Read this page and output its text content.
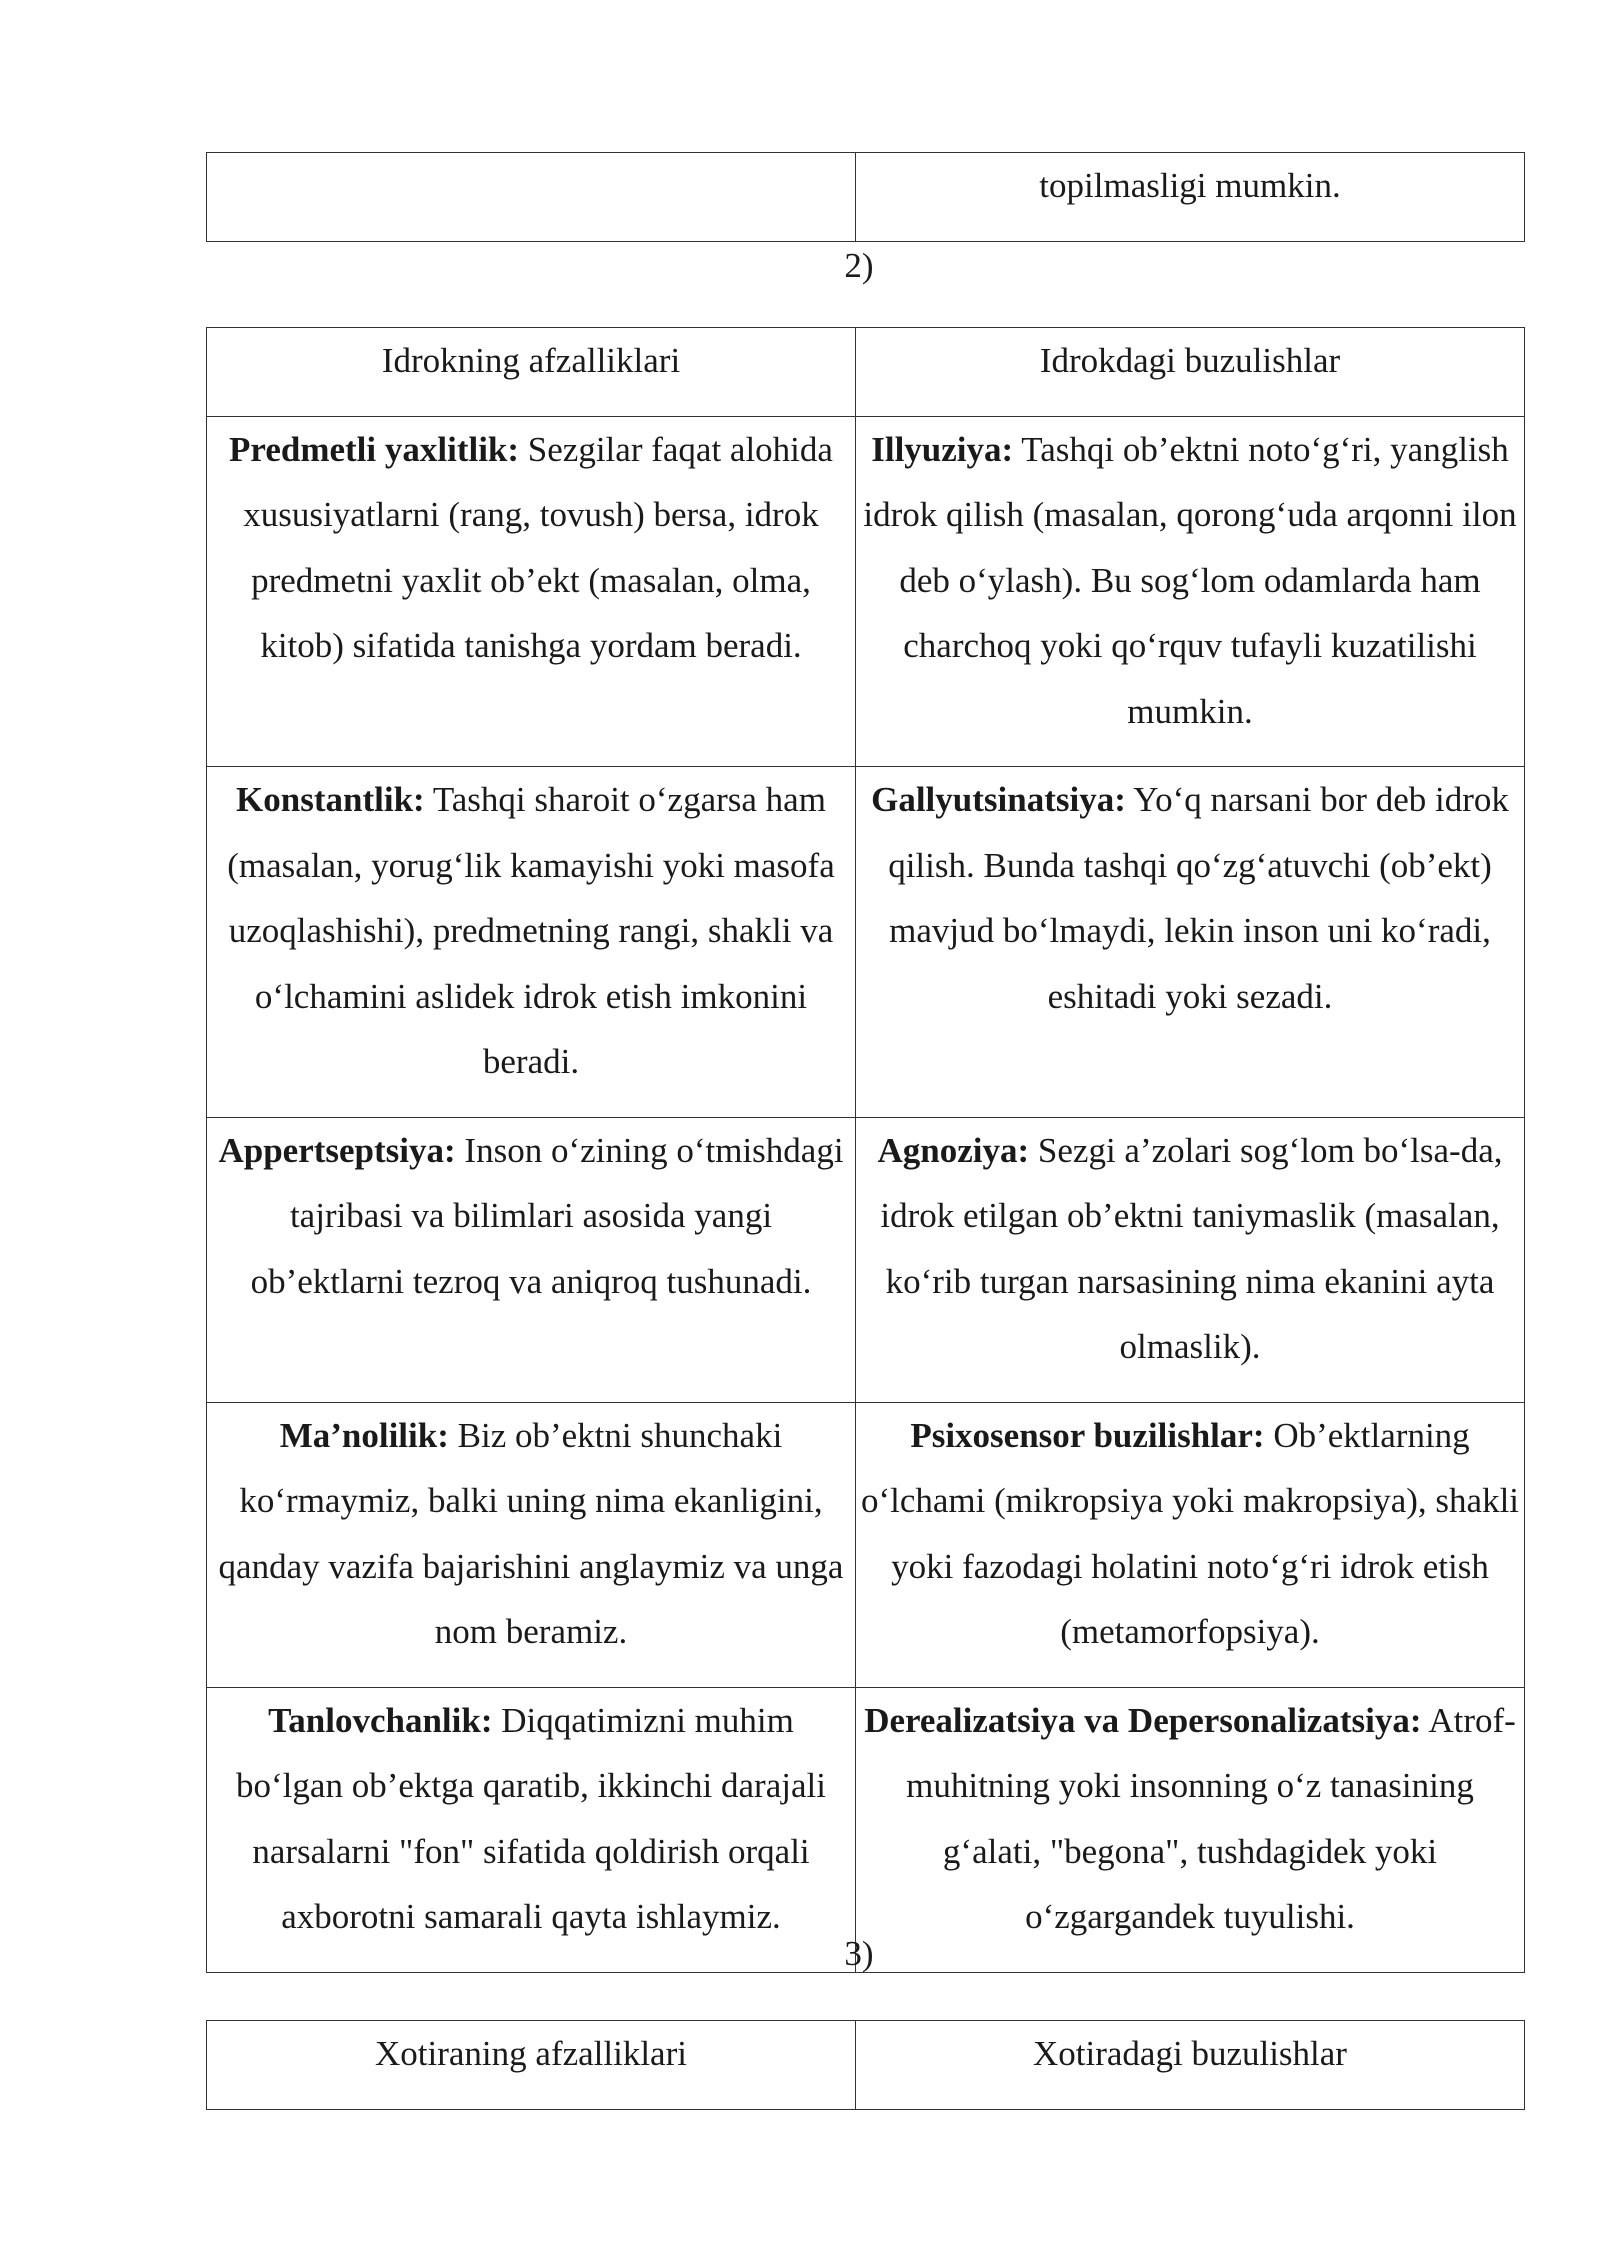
	topilmasligi mumkin.
2)
Idrokning afzalliklari	Idrokdagi buzulishlar
Predmetli yaxlitlik: Sezgilar faqat alohida xususiyatlarni (rang, tovush) bersa, idrok predmetni yaxlit ob’ekt (masalan, olma, kitob) sifatida tanishga yordam beradi.	Illyuziya: Tashqi ob’ektni noto‘g‘ri, yanglish idrok qilish (masalan, qorong‘uda arqonni ilon deb o‘ylash). Bu sog‘lom odamlarda ham charchoq yoki qo‘rquv tufayli kuzatilishi mumkin.
Konstantlik: Tashqi sharoit o‘zgarsa ham (masalan, yorug‘lik kamayishi yoki masofa uzoqlashishi), predmetning rangi, shakli va o‘lchamini aslidek idrok etish imkonini beradi.	Gallyutsinatsiya: Yo‘q narsani bor deb idrok qilish. Bunda tashqi qo‘zg‘atuvchi (ob’ekt) mavjud bo‘lmaydi, lekin inson uni ko‘radi, eshitadi yoki sezadi.
Appertseptsiya: Inson o‘zining o‘tmishdagi tajribasi va bilimlari asosida yangi ob’ektlarni tezroq va aniqroq tushunadi.	Agnoziya: Sezgi a’zolari sog‘lom bo‘lsa-da, idrok etilgan ob’ektni taniymaslik (masalan, ko‘rib turgan narsasining nima ekanini ayta olmaslik).
Ma’nolilik: Biz ob’ektni shunchaki ko‘rmaymiz, balki uning nima ekanligini, qanday vazifa bajarishini anglaymiz va unga nom beramiz.	Psixosensor buzilishlar: Ob’ektlarning o‘lchami (mikropsiya yoki makropsiya), shakli yoki fazodagi holatini noto‘g‘ri idrok etish (metamorfopsiya).
Tanlovchanlik: Diqqatimizni muhim bo‘lgan ob’ektga qaratib, ikkinchi darajali narsalarni "fon" sifatida qoldirish orqali axborotni samarali qayta ishlaymiz.	Derealizatsiya va Depersonalizatsiya: Atrof-muhitning yoki insonning o‘z tanasining g‘alati, "begona", tushdagidek yoki o‘zgargandek tuyulishi.
3)
Xotiraning afzalliklari	Xotiradagi buzulishlar
